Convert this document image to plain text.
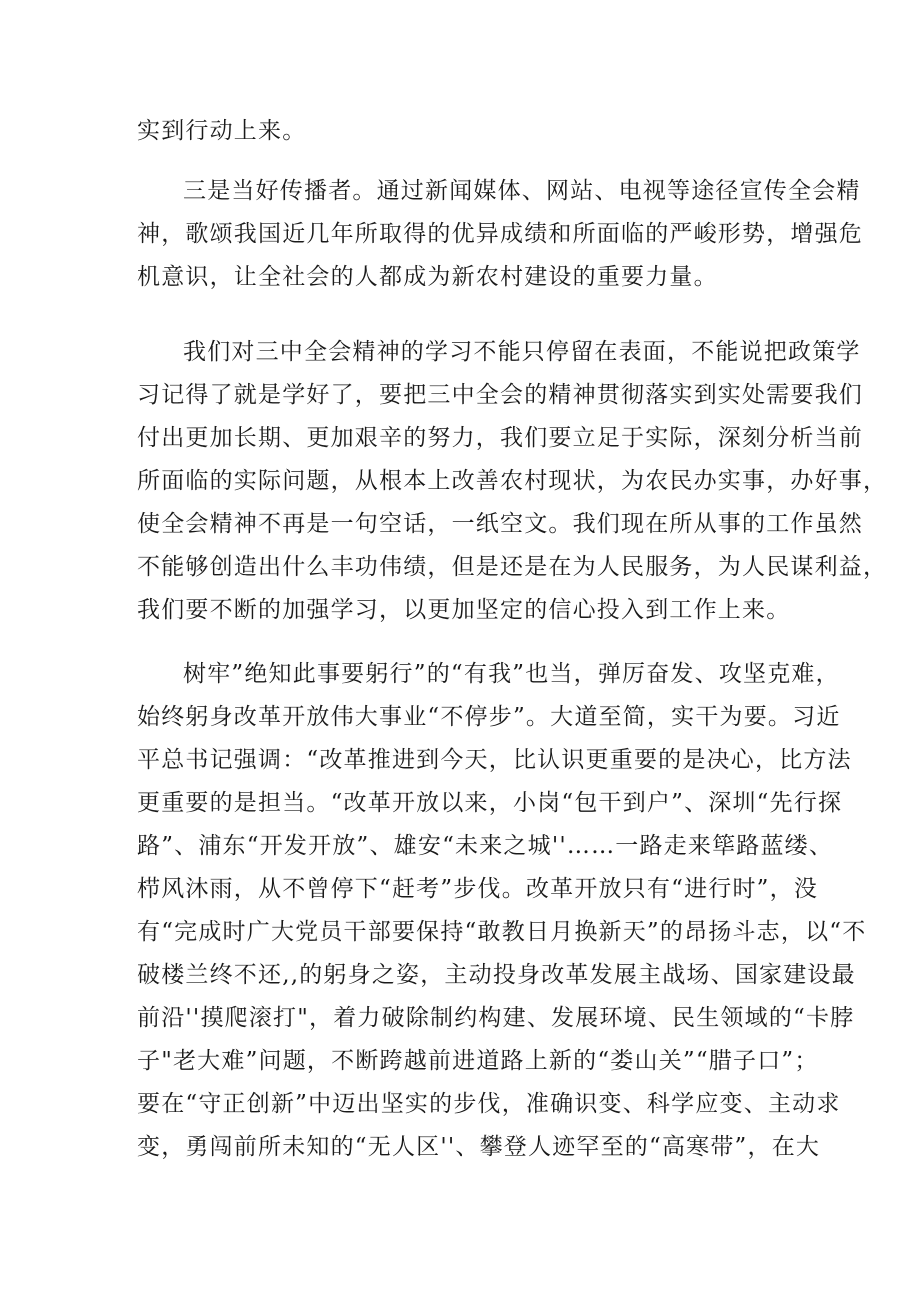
实到行动上来。
三是当好传播者。通过新闻媒体、网站、电视等途径宣传全会精
神，歌颂我国近几年所取得的优异成绩和所面临的严峻形势，增强危
机意识，让全社会的人都成为新农村建设的重要力量。
我们对三中全会精神的学习不能只停留在表面，不能说把政策学
习记得了就是学好了，要把三中全会的精神贯彻落实到实处需要我们
付出更加长期、更加艰辛的努力，我们要立足于实际，深刻分析当前
所面临的实际问题，从根本上改善农村现状，为农民办实事，办好事，
使全会精神不再是一句空话，一纸空文。我们现在所从事的工作虽然
不能够创造出什么丰功伟绩，但是还是在为人民服务，为人民谋利益，
我们要不断的加强学习，以更加坚定的信心投入到工作上来。
树牢”绝知此事要躬行”的“有我”也当，弹厉奋发、攻坚克难，
始终躬身改革开放伟大事业“不停步”。大道至简，实干为要。习近
平总书记强调：“改革推进到今天，比认识更重要的是决心，比方法
更重要的是担当。“改革开放以来，小岗“包干到户”、深圳“先行探
路”、浦东“开发开放”、雄安“未来之城''……一路走来筚路蓝缕、
栉风沐雨，从不曾停下“赶考”步伐。改革开放只有“进行时”，没
有“完成时广大党员干部要保持“敢教日月换新天”的昂扬斗志，以“不
破楼兰终不还,,的躬身之姿，主动投身改革发展主战场、国家建设最
前沿''摸爬滚打"，着力破除制约构建、发展环境、民生领域的“卡脖
子"老大难”问题，不断跨越前进道路上新的“娄山关”“腊子口”；
要在“守正创新”中迈出坚实的步伐，准确识变、科学应变、主动求
变，勇闯前所未知的“无人区''、攀登人迹罕至的“高寒带”，在大
